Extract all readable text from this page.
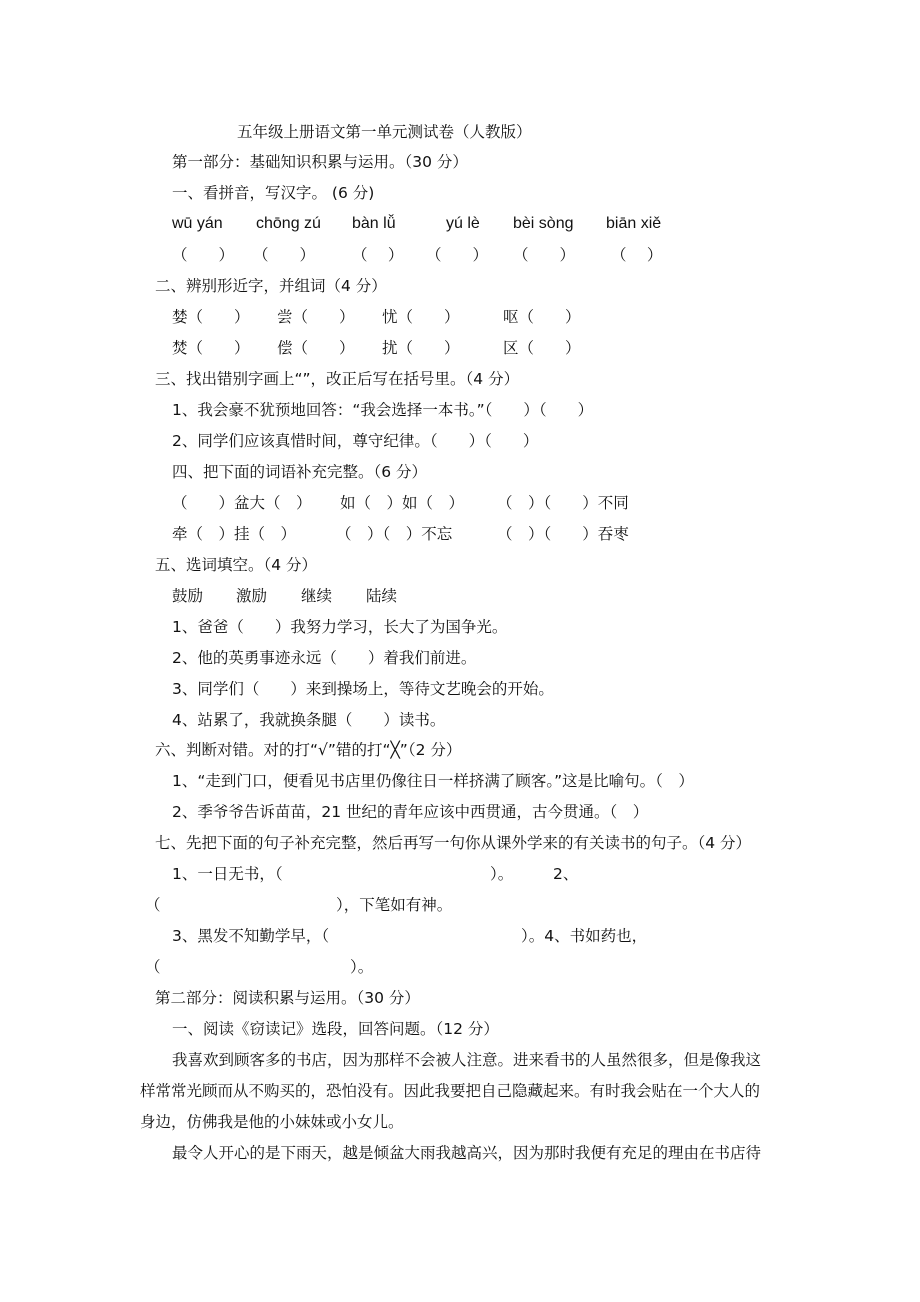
五年级上册语文第一单元测试卷（人教版）
第一部分：基础知识积累与运用。（30 分）
一、看拼音，写汉字。 (6 分)
wū yán chōng zú bàn lǚ	yú lè bèi sòng biān xiě
（　　） （　　） （　 ） （　　） （　　） （　 ）
二、辨别形近字，并组词（4 分）
婪（　　） 尝（　　） 忧（　　）	呕（　　）
焚（　　） 偿（　　） 扰（　　）	区（　　）
三、找出错别字画上“”，改正后写在括号里。（4 分）
1、我会豪不犹预地回答：“我会选择一本书。”（　　）（　　）
2、同学们应该真惜时间，尊守纪律。（　　）（　　）
四、把下面的词语补充完整。（6 分）
（　　）盆大（　） 如（　）如（　） （　）（　　）不同
牵（　）挂（　）	（　）（　）不忘	（　）（　　）吞枣
五、选词填空。（4 分）
鼓励 激励 继续 陆续
1、爸爸（　　）我努力学习，长大了为国争光。
2、他的英勇事迹永远（　　）着我们前进。
3、同学们（　　）来到操场上，等待文艺晚会的开始。
4、站累了，我就换条腿（　　）读书。
六、判断对错。对的打“√”错的打“╳”（2 分）
1、“走到门口，便看见书店里仍像往日一样挤满了顾客。”这是比喻句。（　）
2、季爷爷告诉苗苗，21 世纪的青年应该中西贯通，古今贯通。（　）
七、先把下面的句子补充完整，然后再写一句你从课外学来的有关读书的句子。（4 分）
1、一日无书，（	）。	2、
（	），下笔如有神。
3、黑发不知勤学早，（	）。4、书如药也，
（	）。
第二部分：阅读积累与运用。（30 分）
一、阅读《窃读记》选段，回答问题。（12 分）
我喜欢到顾客多的书店，因为那样不会被人注意。进来看书的人虽然很多，但是像我这
样常常光顾而从不购买的，恐怕没有。因此我要把自己隐藏起来。有时我会贴在一个大人的
身边，仿佛我是他的小妹妹或小女儿。
最令人开心的是下雨天，越是倾盆大雨我越高兴，因为那时我便有充足的理由在书店待
